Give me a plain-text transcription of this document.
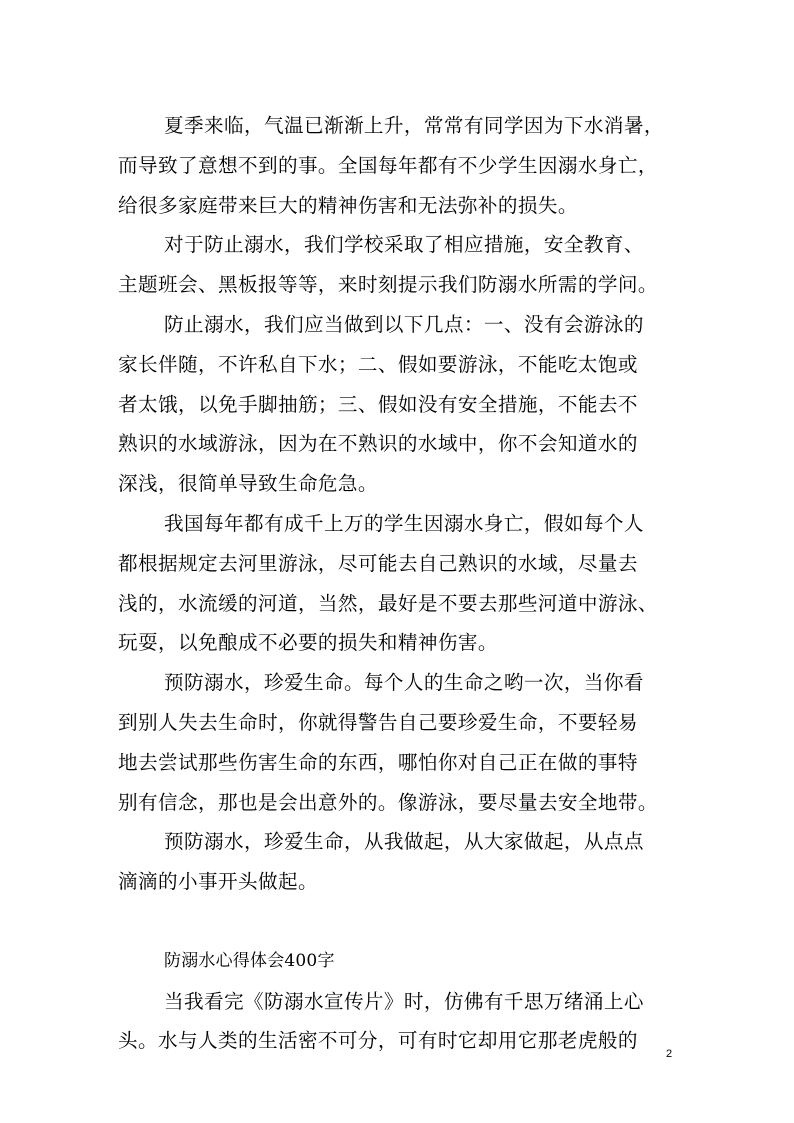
夏季来临，气温已渐渐上升，常常有同学因为下水消暑，
而导致了意想不到的事。全国每年都有不少学生因溺水身亡，
给很多家庭带来巨大的精神伤害和无法弥补的损失。
对于防止溺水，我们学校采取了相应措施，安全教育、
主题班会、黑板报等等，来时刻提示我们防溺水所需的学问。
防止溺水，我们应当做到以下几点：一、没有会游泳的
家长伴随，不许私自下水；二、假如要游泳，不能吃太饱或
者太饿，以免手脚抽筋；三、假如没有安全措施，不能去不
熟识的水域游泳，因为在不熟识的水域中，你不会知道水的
深浅，很简单导致生命危急。
我国每年都有成千上万的学生因溺水身亡，假如每个人
都根据规定去河里游泳，尽可能去自己熟识的水域，尽量去
浅的，水流缓的河道，当然，最好是不要去那些河道中游泳、
玩耍，以免酿成不必要的损失和精神伤害。
预防溺水，珍爱生命。每个人的生命之哟一次，当你看
到别人失去生命时，你就得警告自己要珍爱生命，不要轻易
地去尝试那些伤害生命的东西，哪怕你对自己正在做的事特
别有信念，那也是会出意外的。像游泳，要尽量去安全地带。
预防溺水，珍爱生命，从我做起，从大家做起，从点点
滴滴的小事开头做起。
防溺水心得体会400字
当我看完《防溺水宣传片》时，仿佛有千思万绪涌上心
头。水与人类的生活密不可分，可有时它却用它那老虎般的
2
